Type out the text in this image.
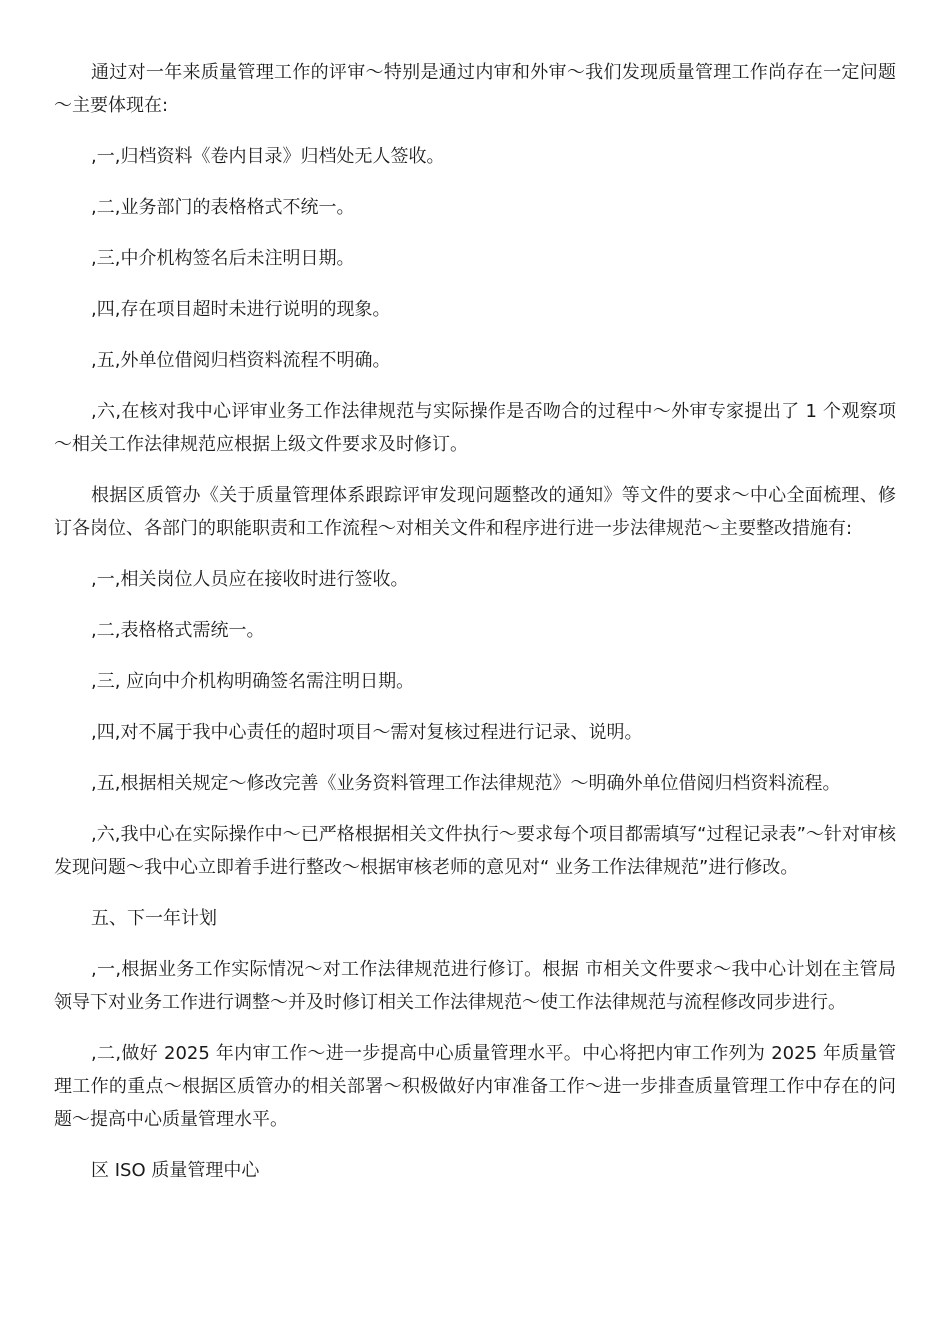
通过对一年来质量管理工作的评审～特别是通过内审和外审～我们发现质量管理工作尚存在一定问题～主要体现在:

,一,归档资料《卷内目录》归档处无人签收。

,二,业务部门的表格格式不统一。

,三,中介机构签名后未注明日期。

,四,存在项目超时未进行说明的现象。

,五,外单位借阅归档资料流程不明确。

,六,在核对我中心评审业务工作法律规范与实际操作是否吻合的过程中～外审专家提出了 1 个观察项～相关工作法律规范应根据上级文件要求及时修订。

根据区质管办《关于质量管理体系跟踪评审发现问题整改的通知》等文件的要求～中心全面梳理、修订各岗位、各部门的职能职责和工作流程～对相关文件和程序进行进一步法律规范～主要整改措施有:

,一,相关岗位人员应在接收时进行签收。

,二,表格格式需统一。

,三, 应向中介机构明确签名需注明日期。

,四,对不属于我中心责任的超时项目～需对复核过程进行记录、说明。

,五,根据相关规定～修改完善《业务资料管理工作法律规范》～明确外单位借阅归档资料流程。

,六,我中心在实际操作中～已严格根据相关文件执行～要求每个项目都需填写“过程记录表”～针对审核发现问题～我中心立即着手进行整改～根据审核老师的意见对“ 业务工作法律规范”进行修改。

五、下一年计划

,一,根据业务工作实际情况～对工作法律规范进行修订。根据 市相关文件要求～我中心计划在主管局领导下对业务工作进行调整～并及时修订相关工作法律规范～使工作法律规范与流程修改同步进行。

,二,做好 2025 年内审工作～进一步提高中心质量管理水平。中心将把内审工作列为 2025 年质量管理工作的重点～根据区质管办的相关部署～积极做好内审准备工作～进一步排查质量管理工作中存在的问题～提高中心质量管理水平。

区 ISO 质量管理中心
